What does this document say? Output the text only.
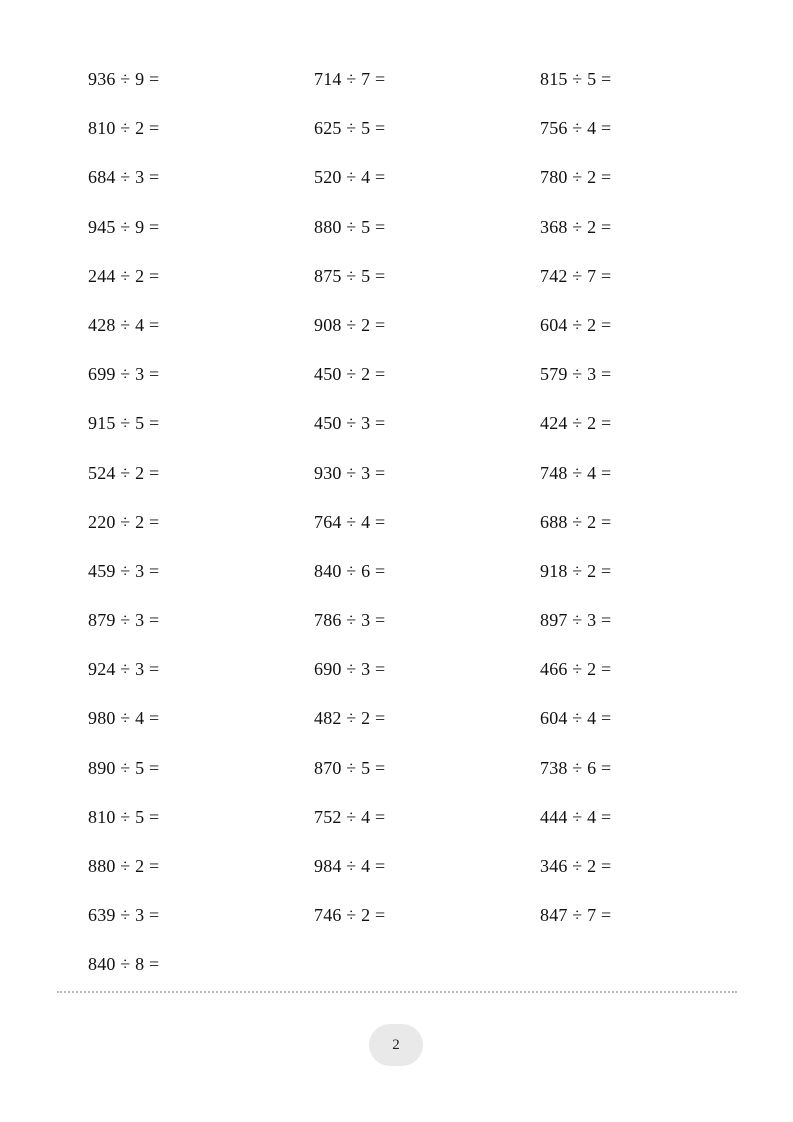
936 ÷ 9 =	714 ÷ 7 =	815 ÷ 5 =
810 ÷ 2 =	625 ÷ 5 =	756 ÷ 4 =
684 ÷ 3 =	520 ÷ 4 =	780 ÷ 2 =
945 ÷ 9 =	880 ÷ 5 =	368 ÷ 2 =
244 ÷ 2 =	875 ÷ 5 =	742 ÷ 7 =
428 ÷ 4 =	908 ÷ 2 =	604 ÷ 2 =
699 ÷ 3 =	450 ÷ 2 =	579 ÷ 3 =
915 ÷ 5 =	450 ÷ 3 =	424 ÷ 2 =
524 ÷ 2 =	930 ÷ 3 =	748 ÷ 4 =
220 ÷ 2 =	764 ÷ 4 =	688 ÷ 2 =
459 ÷ 3 =	840 ÷ 6 =	918 ÷ 2 =
879 ÷ 3 =	786 ÷ 3 =	897 ÷ 3 =
924 ÷ 3 =	690 ÷ 3 =	466 ÷ 2 =
980 ÷ 4 =	482 ÷ 2 =	604 ÷ 4 =
890 ÷ 5 =	870 ÷ 5 =	738 ÷ 6 =
810 ÷ 5 =	752 ÷ 4 =	444 ÷ 4 =
880 ÷ 2 =	984 ÷ 4 =	346 ÷ 2 =
639 ÷ 3 =	746 ÷ 2 =	847 ÷ 7 =
840 ÷ 8 =
2
